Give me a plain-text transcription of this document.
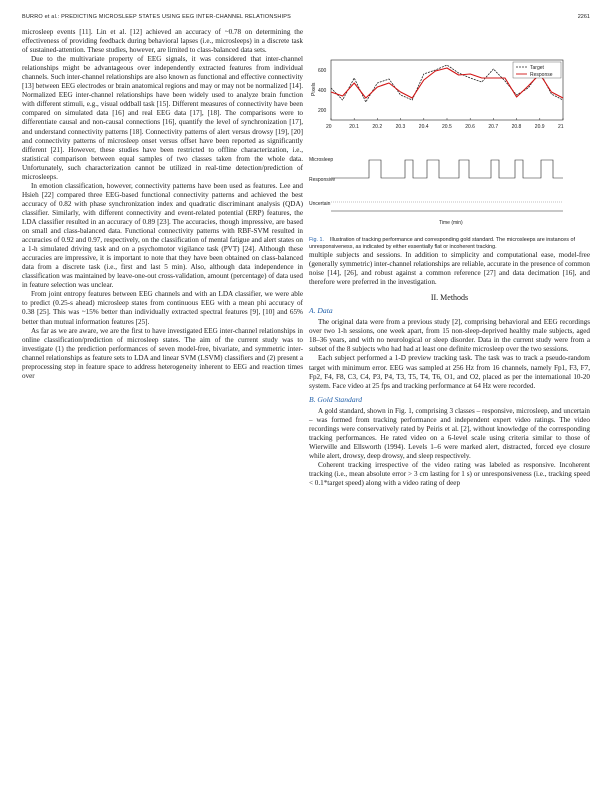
BURRO et al.: PREDICTING MICROSLEEP STATES USING EEG INTER-CHANNEL RELATIONSHIPS	2261

microsleep events [11]. Lin et al. [12] achieved an accuracy of ~0.78 on determining the effectiveness of providing feedback during behavioral lapses (i.e., microsleeps) in a discrete task of sustained-attention. These studies, however, are limited to class-balanced data sets.

Due to the multivariate property of EEG signals, it was considered that inter-channel relationships might be advantageous over independently extracted features from individual channels. Such inter-channel relationships are also known as functional and effective connectivity [13] between EEG electrodes or brain anatomical regions and may or may not be normalized [14]. Normalized EEG inter-channel relationships have been widely used to analyze brain function with different stimuli, e.g., visual oddball task [15]. Different measures of connectivity have been compared on simulated data [16] and real EEG data [17], [18]. The comparisons were to differentiate causal and non-causal connections [16], quantify the level of synchronization [17], and understand connectivity patterns [18]. Connectivity patterns of alert versus drowsy [19], [20] and connectivity patterns of microsleep onset versus offset have been reported as significantly different [21]. However, these studies have been restricted to offline characterization, i.e., statistical comparison between equal samples of two classes taken from the whole data. Unfortunately, such characterization cannot be utilized in real-time detection/prediction of microsleeps.

In emotion classification, however, connectivity patterns have been used as features. Lee and Hsieh [22] compared three EEG-based functional connectivity patterns and achieved the best accuracy of 0.82 with phase synchronization index and quadratic discriminant analysis (QDA) classifier. Similarly, with different connectivity and event-related potential (ERP) features, the LDA classifier resulted in an accuracy of 0.89 [23]. The accuracies, though impressive, are based on small and class-balanced data. Functional connectivity patterns with RBF-SVM resulted in accuracies of 0.92 and 0.97, respectively, on the classification of mental fatigue and alert states on a 1-h simulated driving task and on a psychomotor vigilance task (PVT) [24]. Although these accuracies are impressive, it is important to note that they have been obtained on class-balanced data from a discrete task (i.e., first and last 5 min). Also, although data independence in classification was maintained by leave-one-out cross-validation, amount (percentage) of data used in feature selection was unclear.

From joint entropy features between EEG channels and with an LDA classifier, we were able to predict (0.25-s ahead) microsleep states from continuous EEG with a mean phi accuracy of 0.38 [25]. This was ~15% better than individually extracted spectral features [9], [10] and 65% better than mutual information features [25].

As far as we are aware, we are the first to have investigated EEG inter-channel relationships in online classification/prediction of microsleep states. The aim of the current study was to investigate (1) the prediction performances of seven model-free, bivariate, and symmetric inter-channel relationships as feature sets to LDA and linear SVM (LSVM) classifiers and (2) present a preprocessing step in feature space to address heterogeneity inherent to EEG and reaction times over

Pixels
600
400
200
20	20.1	20.2	20.3	20.4	20.5	20.6	20.7	20.8	20.9	21
Target
Response
Microsleep
Responsive
Uncertain
Time (min)
Fig. 1. Illustration of tracking performance and corresponding gold standard. The microsleeps are instances of unresponsiveness, as indicated by either essentially flat or incoherent tracking.

multiple subjects and sessions. In addition to simplicity and computational ease, model-free (generally symmetric) inter-channel relationships are reliable, accurate in the presence of common noise [14], [26], and robust against a common reference [27] and data decimation [16], and therefore were preferred in the investigation.

II. Methods
A. Data

The original data were from a previous study [2], comprising behavioral and EEG recordings over two 1-h sessions, one week apart, from 15 non-sleep-deprived healthy male subjects, aged 18–36 years, and with no neurological or sleep disorder. Data in the current study were from a subset of the 8 subjects who had had at least one definite microsleep over the two sessions.

Each subject performed a 1-D preview tracking task. The task was to track a pseudo-random target with minimum error. EEG was sampled at 256 Hz from 16 channels, namely Fp1, F3, F7, Fp2, F4, F8, C3, C4, P3, P4, T3, T5, T4, T6, O1, and O2, placed as per the international 10-20 system. Face video at 25 fps and tracking performance at 64 Hz were recorded.

B. Gold Standard

A gold standard, shown in Fig. 1, comprising 3 classes – responsive, microsleep, and uncertain – was formed from tracking performance and independent expert video ratings. The video recordings were conservatively rated by Peiris et al. [2], without knowledge of the corresponding tracking performances. He rated video on a 6-level scale using criteria similar to those of Wierwille and Ellsworth (1994). Levels 1–6 were marked alert, distracted, forced eye closure while alert, drowsy, deep drowsy, and sleep respectively.

Coherent tracking irrespective of the video rating was labeled as responsive. Incoherent tracking (i.e., mean absolute error > 3 cm lasting for 1 s) or unresponsiveness (i.e., tracking speed < 0.1*target speed) along with a video rating of deep
